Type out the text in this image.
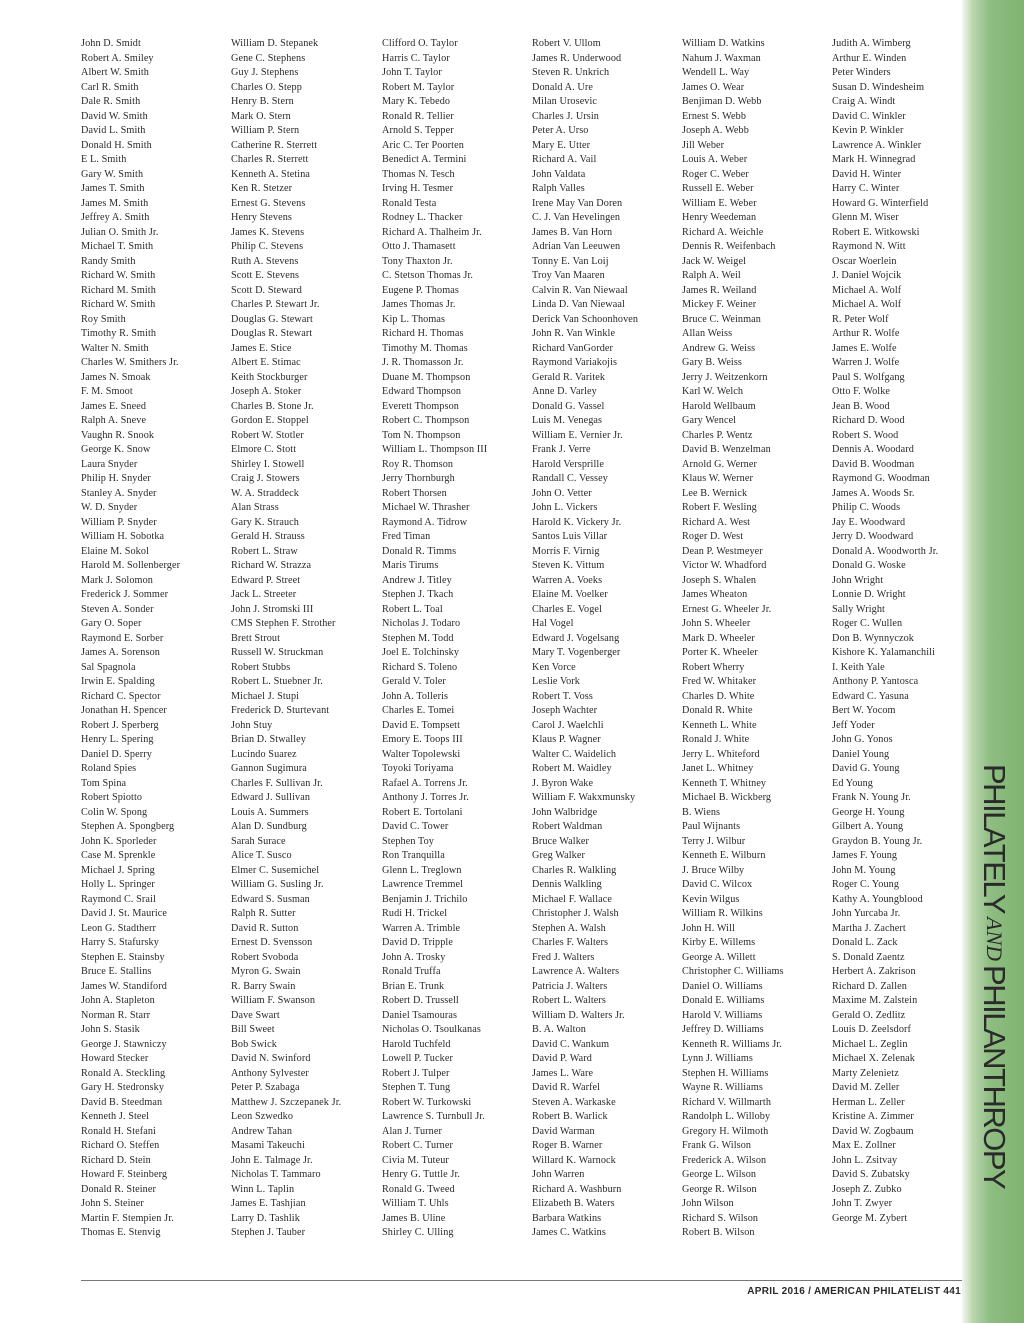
John D. Smidt
Robert A. Smiley
Albert W. Smith
Carl R. Smith
Dale R. Smith
David W. Smith
David L. Smith
Donald H. Smith
E L. Smith
Gary W. Smith
James T. Smith
James M. Smith
Jeffrey A. Smith
Julian O. Smith Jr.
Michael T. Smith
Randy Smith
Richard W. Smith
Richard M. Smith
Richard W. Smith
Roy Smith
Timothy R. Smith
Walter N. Smith
Charles W. Smithers Jr.
James N. Smoak
F. M. Smoot
James E. Sneed
Ralph A. Sneve
Vaughn R. Snook
George K. Snow
Laura Snyder
Philip H. Snyder
Stanley A. Snyder
W. D. Snyder
William P. Snyder
William H. Sobotka
Elaine M. Sokol
Harold M. Sollenberger
Mark J. Solomon
Frederick J. Sommer
Steven A. Sonder
Gary O. Soper
Raymond E. Sorber
James A. Sorenson
Sal Spagnola
Irwin E. Spalding
Richard C. Spector
Jonathan H. Spencer
Robert J. Sperberg
Henry L. Spering
Daniel D. Sperry
Roland Spies
Tom Spina
Robert Spiotto
Colin W. Spong
Stephen A. Spongberg
John K. Sporleder
Case M. Sprenkle
Michael J. Spring
Holly L. Springer
Raymond C. Srail
David J. St. Maurice
Leon G. Stadtherr
Harry S. Stafursky
Stephen E. Stainsby
Bruce E. Stallins
James W. Standiford
John A. Stapleton
Norman R. Starr
John S. Stasik
George J. Stawniczy
Howard Stecker
Ronald A. Steckling
Gary H. Stedronsky
David B. Steedman
Kenneth J. Steel
Ronald H. Stefani
Richard O. Steffen
Richard D. Stein
Howard F. Steinberg
Donald R. Steiner
John S. Steiner
Martin F. Stempien Jr.
Thomas E. Stenvig
William D. Stepanek
Gene C. Stephens
Guy J. Stephens
Charles O. Stepp
Henry B. Stern
Mark O. Stern
William P. Stern
Catherine R. Sterrett
Charles R. Sterrett
Kenneth A. Stetina
Ken R. Stetzer
Ernest G. Stevens
Henry Stevens
James K. Stevens
Philip C. Stevens
Ruth A. Stevens
Scott E. Stevens
Scott D. Steward
Charles P. Stewart Jr.
Douglas G. Stewart
Douglas R. Stewart
James E. Stice
Albert E. Stimac
Keith Stockburger
Joseph A. Stoker
Charles B. Stone Jr.
Gordon E. Stoppel
Robert W. Stotler
Elmore C. Stott
Shirley I. Stowell
Craig J. Stowers
W. A. Straddeck
Alan Strass
Gary K. Strauch
Gerald H. Strauss
Robert L. Straw
Richard W. Strazza
Edward P. Street
Jack L. Streeter
John J. Stromski III
CMS Stephen F. Strother
Brett Strout
Russell W. Struckman
Robert Stubbs
Robert L. Stuebner Jr.
Michael J. Stupi
Frederick D. Sturtevant
John Stuy
Brian D. Stwalley
Lucindo Suarez
Gannon Sugimura
Charles F. Sullivan Jr.
Edward J. Sullivan
Louis A. Summers
Alan D. Sundburg
Sarah Surace
Alice T. Susco
Elmer C. Susemichel
William G. Susling Jr.
Edward S. Susman
Ralph R. Sutter
David R. Sutton
Ernest D. Svensson
Robert Svoboda
Myron G. Swain
R. Barry Swain
William F. Swanson
Dave Swart
Bill Sweet
Bob Swick
David N. Swinford
Anthony Sylvester
Peter P. Szabaga
Matthew J. Szczepanek Jr.
Leon Szwedko
Andrew Tahan
Masami Takeuchi
John E. Talmage Jr.
Nicholas T. Tammaro
Winn L. Taplin
James E. Tashjian
Larry D. Tashlik
Stephen J. Tauber
Clifford O. Taylor
Harris C. Taylor
John T. Taylor
Robert M. Taylor
Mary K. Tebedo
Ronald R. Tellier
Arnold S. Tepper
Aric C. Ter Poorten
Benedict A. Termini
Thomas N. Tesch
Irving H. Tesmer
Ronald Testa
Rodney L. Thacker
Richard A. Thalheim Jr.
Otto J. Thamasett
Tony Thaxton Jr.
C. Stetson Thomas Jr.
Eugene P. Thomas
James Thomas Jr.
Kip L. Thomas
Richard H. Thomas
Timothy M. Thomas
J. R. Thomasson Jr.
Duane M. Thompson
Edward Thompson
Everett Thompson
Robert C. Thompson
Tom N. Thompson
William L. Thompson III
Roy R. Thomson
Jerry Thornburgh
Robert Thorsen
Michael W. Thrasher
Raymond A. Tidrow
Fred Timan
Donald R. Timms
Maris Tirums
Andrew J. Titley
Stephen J. Tkach
Robert L. Toal
Nicholas J. Todaro
Stephen M. Todd
Joel E. Tolchinsky
Richard S. Toleno
Gerald V. Toler
John A. Tolleris
Charles E. Tomei
David E. Tompsett
Emory E. Toops III
Walter Topolewski
Toyoki Toriyama
Rafael A. Torrens Jr.
Anthony J. Torres Jr.
Robert E. Tortolani
David C. Tower
Stephen Toy
Ron Tranquilla
Glenn L. Treglown
Lawrence Tremmel
Benjamin J. Trichilo
Rudi H. Trickel
Warren A. Trimble
David D. Tripple
John A. Trosky
Ronald Truffa
Brian E. Trunk
Robert D. Trussell
Daniel Tsamouras
Nicholas O. Tsoulkanas
Harold Tuchfeld
Lowell P. Tucker
Robert J. Tulper
Stephen T. Tung
Robert W. Turkowski
Lawrence S. Turnbull Jr.
Alan J. Turner
Robert C. Turner
Civia M. Tuteur
Henry G. Tuttle Jr.
Ronald G. Tweed
William T. Uhls
James B. Uline
Shirley C. Ulling
Robert V. Ullom
James R. Underwood
Steven R. Unkrich
Donald A. Ure
Milan Urosevic
Charles J. Ursin
Peter A. Urso
Mary E. Utter
Richard A. Vail
John Valdata
Ralph Valles
Irene May Van Doren
C. J. Van Hevelingen
James B. Van Horn
Adrian Van Leeuwen
Tonny E. Van Loij
Troy Van Maaren
Calvin R. Van Niewaal
Linda D. Van Niewaal
Derick Van Schoonhoven
John R. Van Winkle
Richard VanGorder
Raymond Variakojis
Gerald R. Varitek
Anne D. Varley
Donald G. Vassel
Luis M. Venegas
William E. Vernier Jr.
Frank J. Verre
Harold Versprille
Randall C. Vessey
John O. Vetter
John L. Vickers
Harold K. Vickery Jr.
Santos Luis Villar
Morris F. Virnig
Steven K. Vittum
Warren A. Voeks
Elaine M. Voelker
Charles E. Vogel
Hal Vogel
Edward J. Vogelsang
Mary T. Vogenberger
Ken Vorce
Leslie Vork
Robert T. Voss
Joseph Wachter
Carol J. Waelchli
Klaus P. Wagner
Walter C. Waidelich
Robert M. Waidley
J. Byron Wake
William F. Wakxmunsky
John Walbridge
Robert Waldman
Bruce Walker
Greg Walker
Charles R. Walkling
Dennis Walkling
Michael F. Wallace
Christopher J. Walsh
Stephen A. Walsh
Charles F. Walters
Fred J. Walters
Lawrence A. Walters
Patricia J. Walters
Robert L. Walters
William D. Walters Jr.
B. A. Walton
David C. Wankum
David P. Ward
James L. Ware
David R. Warfel
Steven A. Warkaske
Robert B. Warlick
David Warman
Roger B. Warner
Willard K. Warnock
John Warren
Richard A. Washburn
Elizabeth B. Waters
Barbara Watkins
James C. Watkins
William D. Watkins
Nahum J. Waxman
Wendell L. Way
James O. Wear
Benjiman D. Webb
Ernest S. Webb
Joseph A. Webb
Jill Weber
Louis A. Weber
Roger C. Weber
Russell E. Weber
William E. Weber
Henry Weedeman
Richard A. Weichle
Dennis R. Weifenbach
Jack W. Weigel
Ralph A. Weil
James R. Weiland
Mickey F. Weiner
Bruce C. Weinman
Allan Weiss
Andrew G. Weiss
Gary B. Weiss
Jerry J. Weitzenkorn
Karl W. Welch
Harold Wellbaum
Gary Wencel
Charles P. Wentz
David B. Wenzelman
Arnold G. Werner
Klaus W. Werner
Lee B. Wernick
Robert F. Wesling
Richard A. West
Roger D. West
Dean P. Westmeyer
Victor W. Whadford
Joseph S. Whalen
James Wheaton
Ernest G. Wheeler Jr.
John S. Wheeler
Mark D. Wheeler
Porter K. Wheeler
Robert Wherry
Fred W. Whitaker
Charles D. White
Donald R. White
Kenneth L. White
Ronald J. White
Jerry L. Whiteford
Janet L. Whitney
Kenneth T. Whitney
Michael B. Wickberg
B. Wiens
Paul Wijnants
Terry J. Wilbur
Kenneth E. Wilburn
J. Bruce Wilby
David C. Wilcox
Kevin Wilgus
William R. Wilkins
John H. Will
Kirby E. Willems
George A. Willett
Christopher C. Williams
Daniel O. Williams
Donald E. Williams
Harold V. Williams
Jeffrey D. Williams
Kenneth R. Williams Jr.
Lynn J. Williams
Stephen H. Williams
Wayne R. Williams
Richard V. Willmarth
Randolph L. Willoby
Gregory H. Wilmoth
Frank G. Wilson
Frederick A. Wilson
George L. Wilson
George R. Wilson
John Wilson
Richard S. Wilson
Robert B. Wilson
Judith A. Wimberg
Arthur E. Winden
Peter Winders
Susan D. Windesheim
Craig A. Windt
David C. Winkler
Kevin P. Winkler
Lawrence A. Winkler
Mark H. Winnegrad
David H. Winter
Harry C. Winter
Howard G. Winterfield
Glenn M. Wiser
Robert E. Witkowski
Raymond N. Witt
Oscar Woerlein
J. Daniel Wojcik
Michael A. Wolf
Michael A. Wolf
R. Peter Wolf
Arthur R. Wolfe
James E. Wolfe
Warren J. Wolfe
Paul S. Wolfgang
Otto F. Wolke
Jean B. Wood
Richard D. Wood
Robert S. Wood
Dennis A. Woodard
David B. Woodman
Raymond G. Woodman
James A. Woods Sr.
Philip C. Woods
Jay E. Woodward
Jerry D. Woodward
Donald A. Woodworth Jr.
Donald G. Woske
John Wright
Lonnie D. Wright
Sally Wright
Roger C. Wullen
Don B. Wynnyczok
Kishore K. Yalamanchili
I. Keith Yale
Anthony P. Yantosca
Edward C. Yasuna
Bert W. Yocom
Jeff Yoder
John G. Yonos
Daniel Young
David G. Young
Ed Young
Frank N. Young Jr.
George H. Young
Gilbert A. Young
Graydon B. Young Jr.
James F. Young
John M. Young
Roger C. Young
Kathy A. Youngblood
John Yurcaba Jr.
Martha J. Zachert
Donald L. Zack
S. Donald Zaentz
Herbert A. Zakrison
Richard D. Zallen
Maxime M. Zalstein
Gerald O. Zedlitz
Louis D. Zeelsdorf
Michael L. Zeglin
Michael X. Zelenak
Marty Zelenietz
David M. Zeller
Herman L. Zeller
Kristine A. Zimmer
David W. Zogbaum
Max E. Zollner
John L. Zsitvay
David S. Zubatsky
Joseph Z. Zubko
John T. Zwyer
George M. Zybert
APRIL 2016 / AMERICAN PHILATELIST 441
PHILATELYANDPHILANTHROPY
